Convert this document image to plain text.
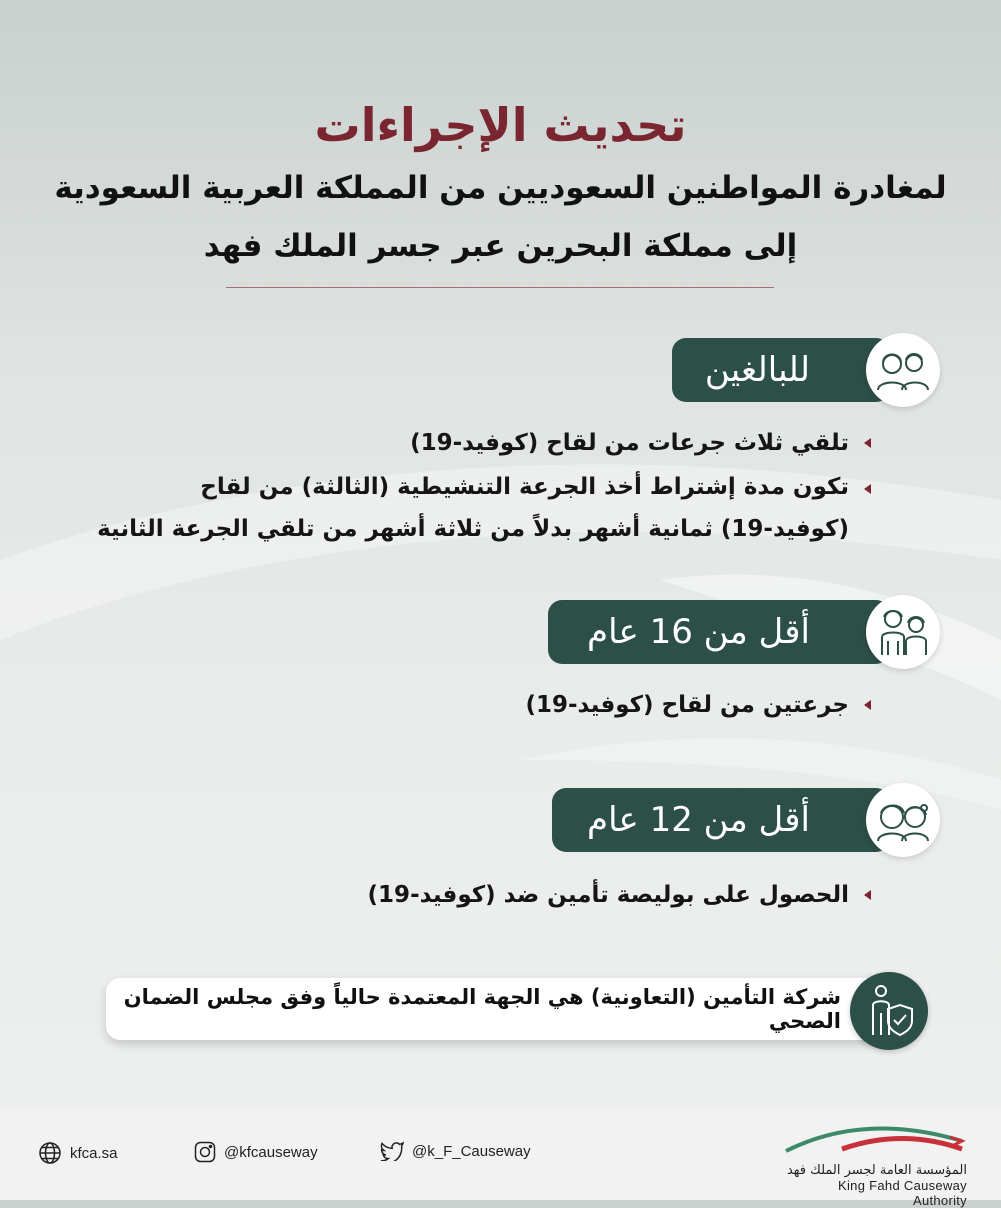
تحديث الإجراءات

لمغادرة المواطنين السعوديين من المملكة العربية السعودية

إلى مملكة البحرين عبر جسر الملك فهد

للبالغين
تلقي ثلاث جرعات من لقاح (كوفيد-19)
تكون مدة إشتراط أخذ الجرعة التنشيطية (الثالثة) من لقاح (كوفيد-19) ثمانية أشهر بدلاً من ثلاثة أشهر من تلقي الجرعة الثانية
أقل من 16 عام
جرعتين من لقاح (كوفيد-19)
أقل من 12 عام
الحصول على بوليصة تأمين ضد (كوفيد-19)
شركة التأمين (التعاونية) هي الجهة المعتمدة حالياً وفق مجلس الضمان الصحي
kfca.sa	@kfcauseway	@k_F_Causeway
المؤسسة العامة لجسر الملك فهد
King Fahd Causeway Authority
